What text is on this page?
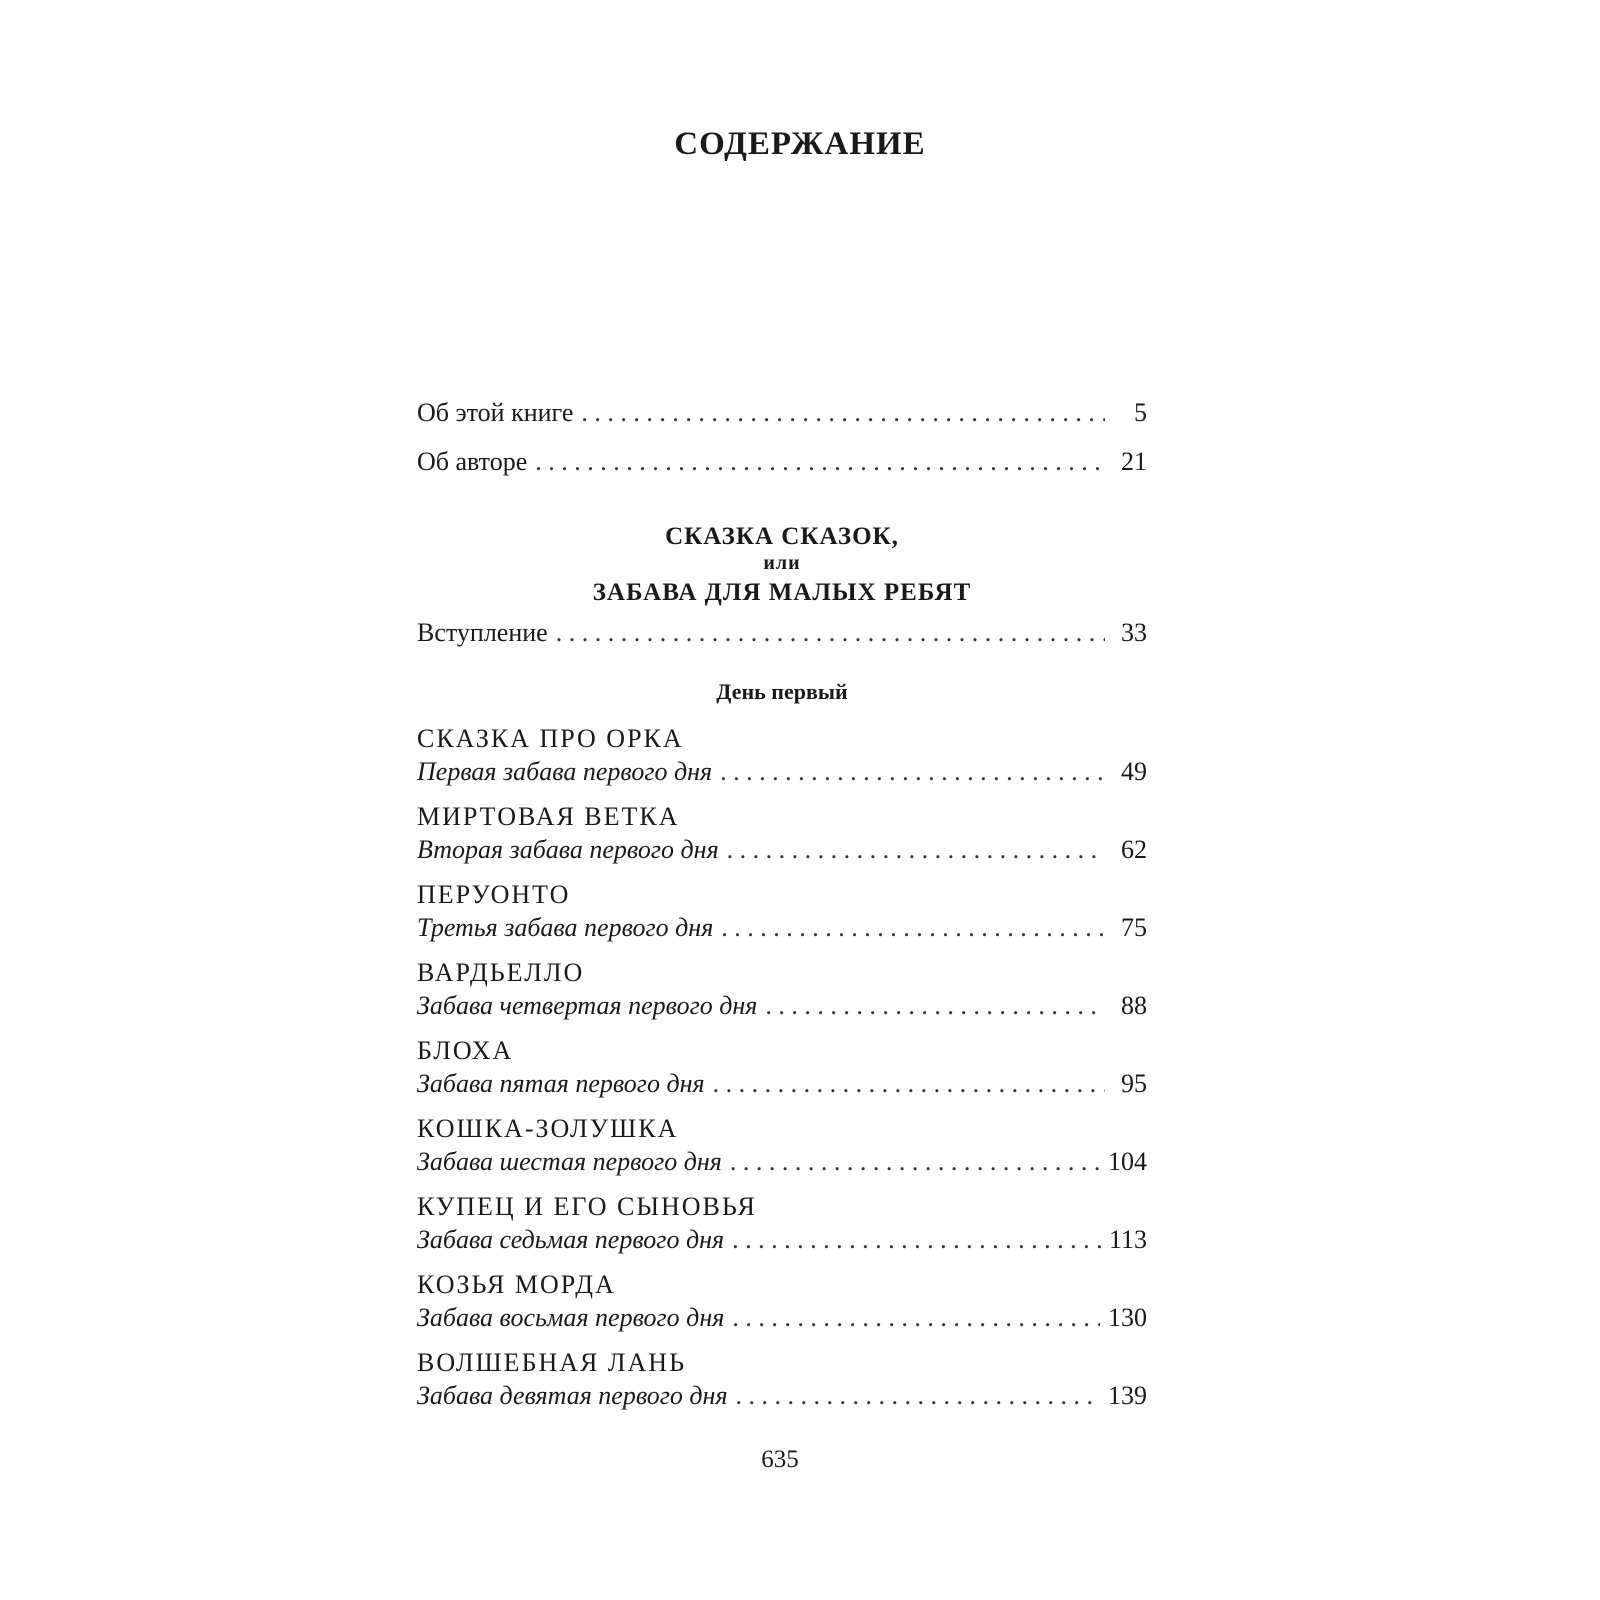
СОДЕРЖАНИЕ
Об этой книге . . .	5
Об авторе . . .	21
СКАЗКА СКАЗОК,
или
ЗАБАВА ДЛЯ МАЛЫХ РЕБЯТ
Вступление . . .	33
День первый
СКАЗКА ПРО ОРКА
Первая забава первого дня . . .	49
МИРТОВАЯ ВЕТКА
Вторая забава первого дня . . .	62
ПЕРУОНТО
Третья забава первого дня . . .	75
ВАРДЬЕЛЛО
Забава четвертая первого дня . . .	88
БЛОХА
Забава пятая первого дня . . .	95
КОШКА-ЗОЛУШКА
Забава шестая первого дня . . .	104
КУПЕЦ И ЕГО СЫНОВЬЯ
Забава седьмая первого дня . . .	113
КОЗЬЯ МОРДА
Забава восьмая первого дня . . .	130
ВОЛШЕБНАЯ ЛАНЬ
Забава девятая первого дня . . .	139
635
